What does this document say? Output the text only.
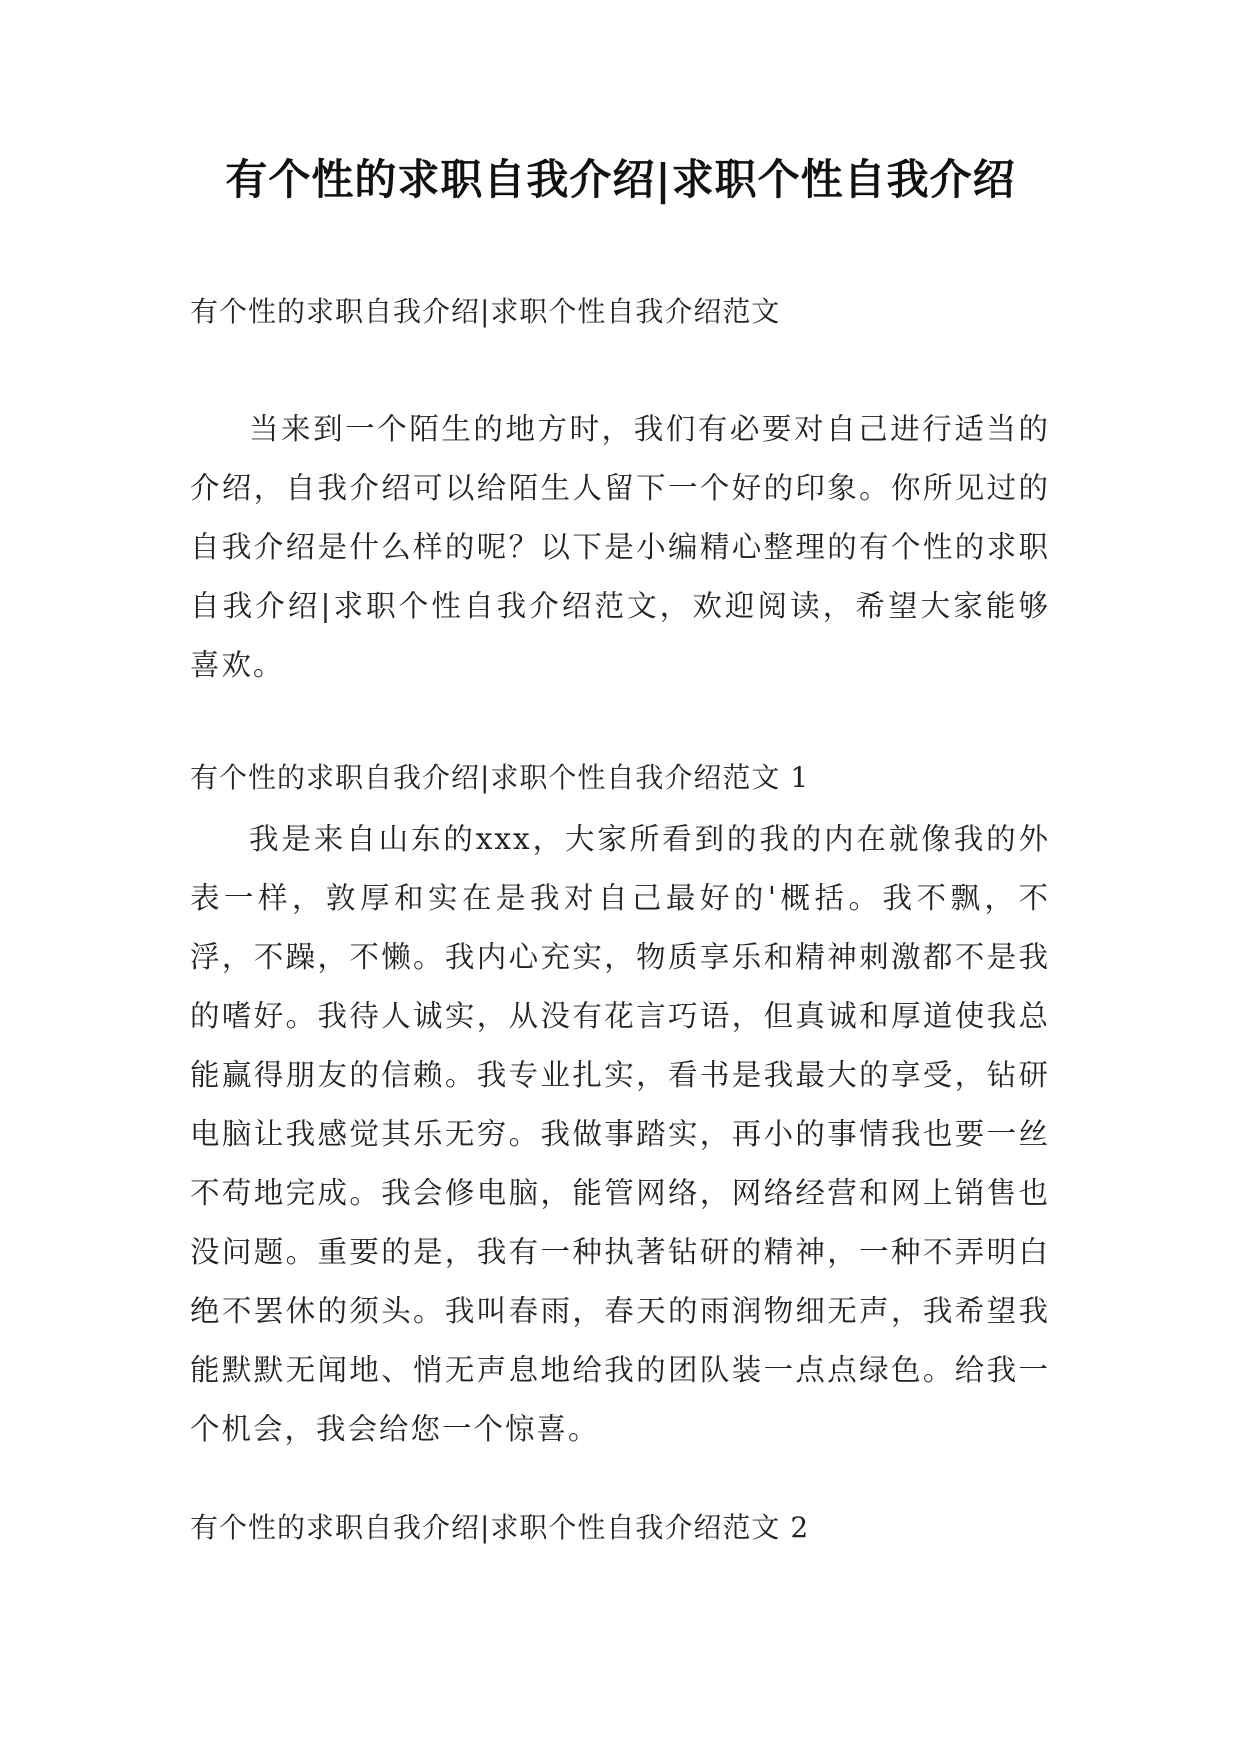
有个性的求职自我介绍|求职个性自我介绍
有个性的求职自我介绍|求职个性自我介绍范文

当来到一个陌生的地方时，我们有必要对自己进行适当的介绍，自我介绍可以给陌生人留下一个好的印象。你所见过的自我介绍是什么样的呢？以下是小编精心整理的有个性的求职自我介绍|求职个性自我介绍范文，欢迎阅读，希望大家能够喜欢。

有个性的求职自我介绍|求职个性自我介绍范文 1

我是来自山东的xxx，大家所看到的我的内在就像我的外表一样，敦厚和实在是我对自己最好的'概括。我不飘，不浮，不躁，不懒。我内心充实，物质享乐和精神刺激都不是我的嗜好。我待人诚实，从没有花言巧语，但真诚和厚道使我总能赢得朋友的信赖。我专业扎实，看书是我最大的享受，钻研电脑让我感觉其乐无穷。我做事踏实，再小的事情我也要一丝不苟地完成。我会修电脑，能管网络，网络经营和网上销售也没问题。重要的是，我有一种执著钻研的精神，一种不弄明白绝不罢休的须头。我叫春雨，春天的雨润物细无声，我希望我能默默无闻地、悄无声息地给我的团队装一点点绿色。给我一个机会，我会给您一个惊喜。

有个性的求职自我介绍|求职个性自我介绍范文 2
